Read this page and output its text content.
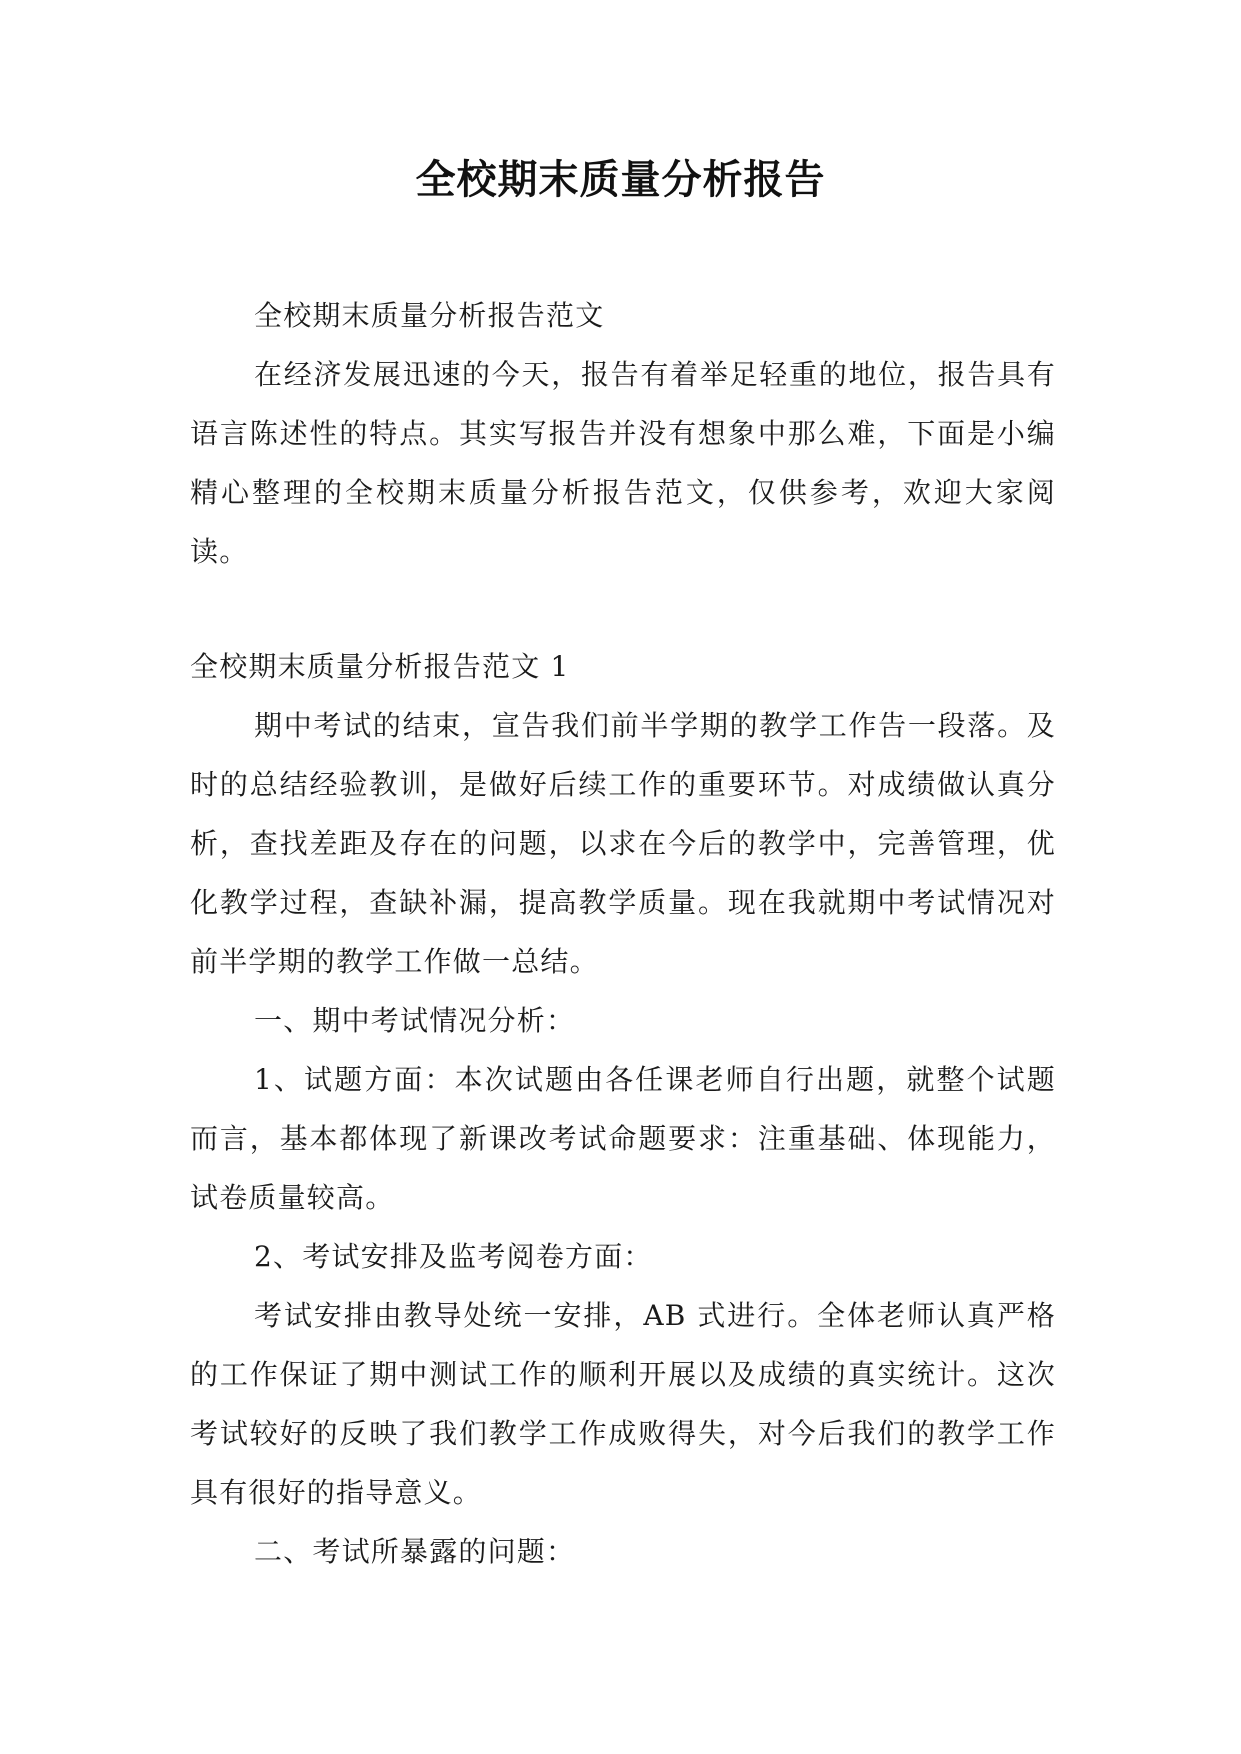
全校期末质量分析报告

全校期末质量分析报告范文

在经济发展迅速的今天，报告有着举足轻重的地位，报告具有语言陈述性的特点。其实写报告并没有想象中那么难，下面是小编精心整理的全校期末质量分析报告范文，仅供参考，欢迎大家阅读。

全校期末质量分析报告范文 1

期中考试的结束，宣告我们前半学期的教学工作告一段落。及时的总结经验教训，是做好后续工作的重要环节。对成绩做认真分析，查找差距及存在的问题，以求在今后的教学中，完善管理，优化教学过程，查缺补漏，提高教学质量。现在我就期中考试情况对前半学期的教学工作做一总结。

一、期中考试情况分析：

1、试题方面：本次试题由各任课老师自行出题，就整个试题而言，基本都体现了新课改考试命题要求：注重基础、体现能力，试卷质量较高。

2、考试安排及监考阅卷方面：

考试安排由教导处统一安排，AB 式进行。全体老师认真严格的工作保证了期中测试工作的顺利开展以及成绩的真实统计。这次考试较好的反映了我们教学工作成败得失，对今后我们的教学工作具有很好的指导意义。

二、考试所暴露的问题：
